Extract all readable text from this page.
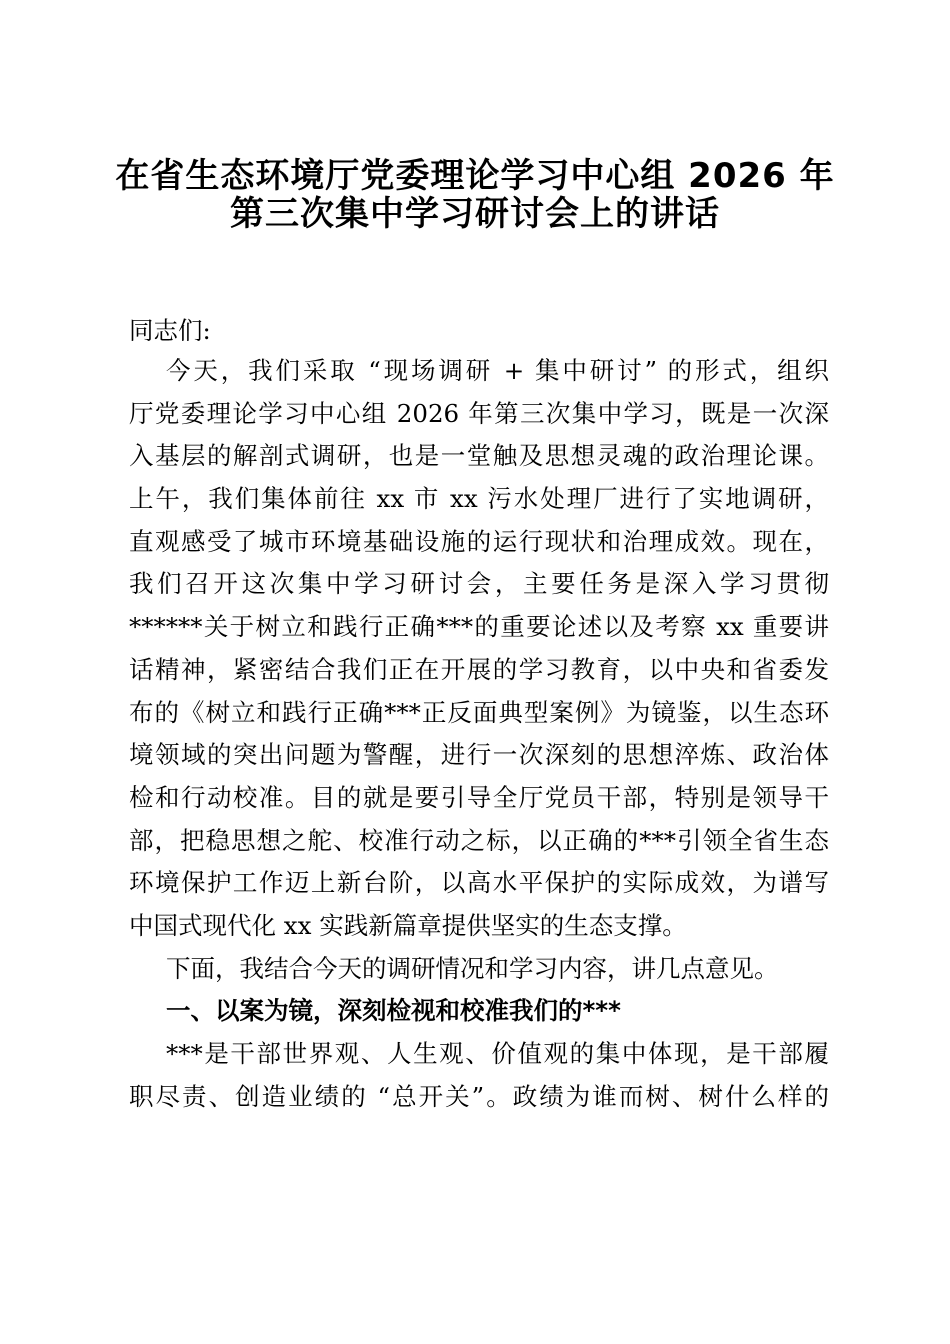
在省生态环境厅党委理论学习中心组 2026 年
第三次集中学习研讨会上的讲话
同志们:
今天，我们采取 “现场调研 + 集中研讨” 的形式，组织
厅党委理论学习中心组 2026 年第三次集中学习，既是一次深
入基层的解剖式调研，也是一堂触及思想灵魂的政治理论课。
上午，我们集体前往 xx 市 xx 污水处理厂进行了实地调研，
直观感受了城市环境基础设施的运行现状和治理成效。现在，
我们召开这次集中学习研讨会，主要任务是深入学习贯彻
******关于树立和践行正确***的重要论述以及考察 xx 重要讲
话精神，紧密结合我们正在开展的学习教育，以中央和省委发
布的《树立和践行正确***正反面典型案例》为镜鉴，以生态环
境领域的突出问题为警醒，进行一次深刻的思想淬炼、政治体
检和行动校准。目的就是要引导全厅党员干部，特别是领导干
部，把稳思想之舵、校准行动之标，以正确的***引领全省生态
环境保护工作迈上新台阶，以高水平保护的实际成效，为谱写
中国式现代化 xx 实践新篇章提供坚实的生态支撑。
下面，我结合今天的调研情况和学习内容，讲几点意见。
一、以案为镜，深刻检视和校准我们的***
***是干部世界观、人生观、价值观的集中体现，是干部履
职尽责、创造业绩的 “总开关”。政绩为谁而树、树什么样的
